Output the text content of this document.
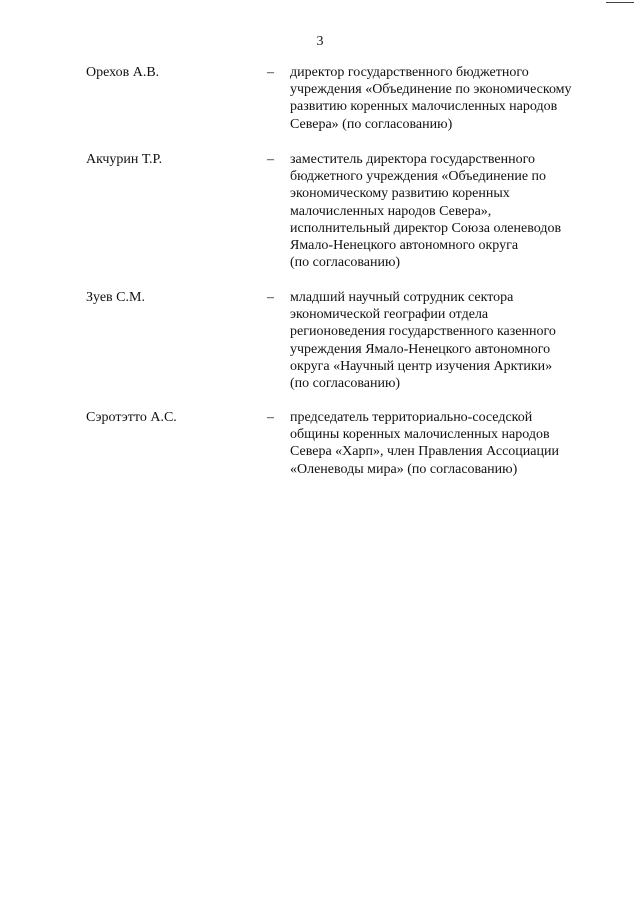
3
Орехов А.В.	– директор государственного бюджетного
учреждения «Объединение по экономическому
развитию коренных малочисленных народов
Севера» (по согласованию)
Акчурин Т.Р.	– заместитель директора государственного
бюджетного учреждения «Объединение по
экономическому развитию коренных
малочисленных народов Севера»,
исполнительный директор Союза оленеводов
Ямало-Ненецкого автономного округа
(по согласованию)
Зуев С.М.	– младший научный сотрудник сектора
экономической географии отдела
регионоведения государственного казенного
учреждения Ямало-Ненецкого автономного
округа «Научный центр изучения Арктики»
(по согласованию)
Сэротэтто А.С.	– председатель территориально-соседской
общины коренных малочисленных народов
Севера «Харп», член Правления Ассоциации
«Оленеводы мира» (по согласованию)
